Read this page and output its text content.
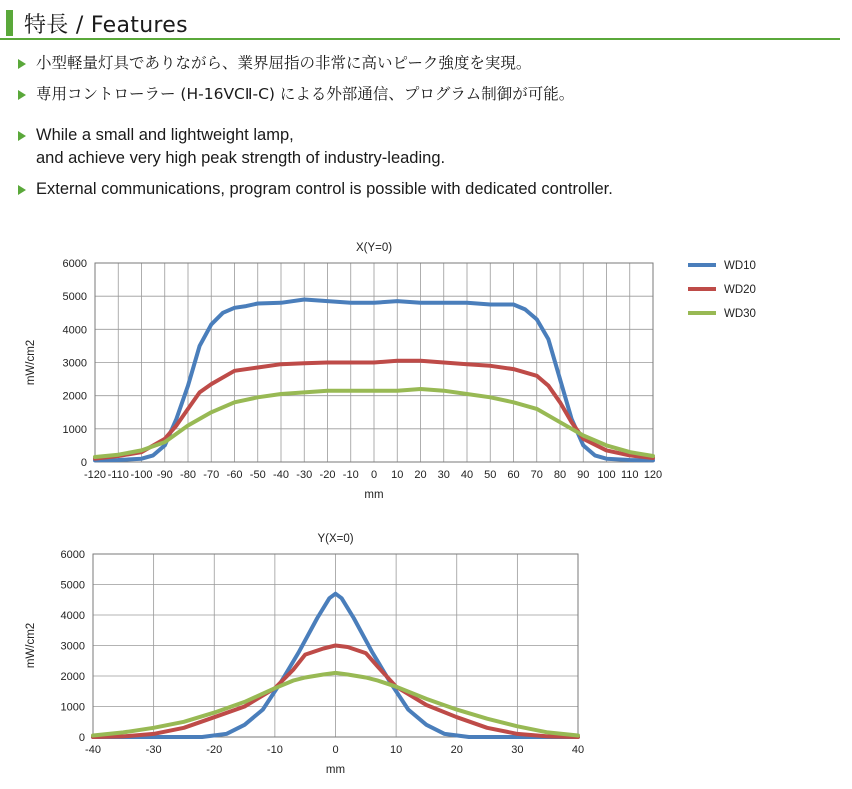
特長 / Features
小型軽量灯具でありながら、業界屈指の非常に高いピーク強度を実現。
専用コントローラー (H-16VCⅡ-C) による外部通信、プログラム制御が可能。
While a small and lightweight lamp,
and achieve very high peak strength of industry-leading.
External communications, program control is possible with dedicated controller.
-120 -110 -100 -90 -80 -70 -60 -50 -40 -30 -20 -10 0 10 20 30 40 50 60 70 80 90 100 110 120
0
1000
2000
3000
4000
5000
6000
X(Y=0)
mm
mW/cm2
WD10
WD20
WD30
-40	-30	-20	-10	0	10	20	30	40
0
1000
2000
3000
4000
5000
6000
Y(X=0)
mm
mW/cm2
